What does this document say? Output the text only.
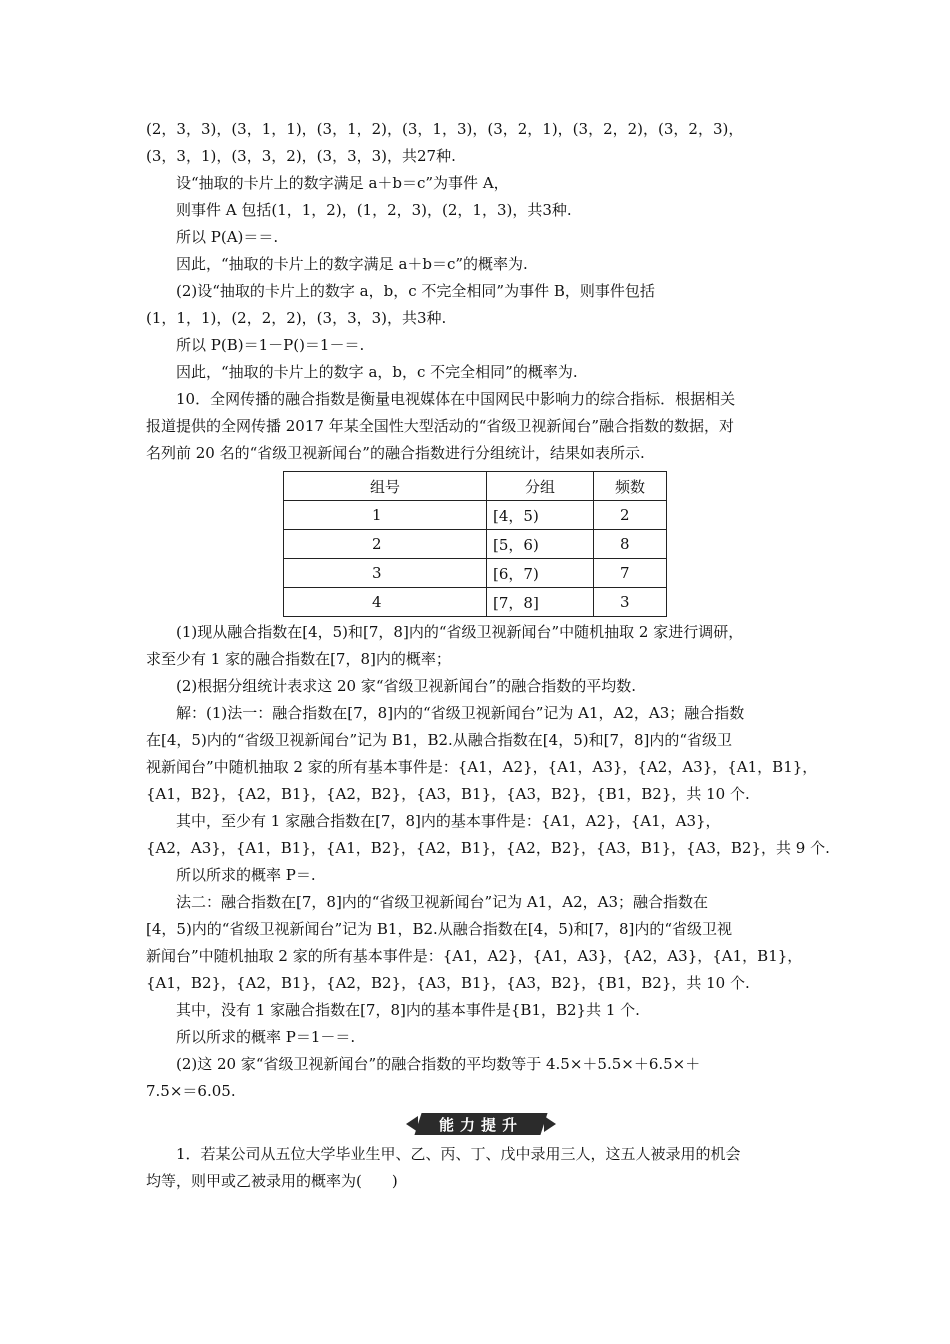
(2，3，3)，(3，1，1)，(3，1，2)，(3，1，3)，(3，2，1)，(3，2，2)，(3，2，3)，

(3，3，1)，(3，3，2)，(3，3，3)，共27种.

设“抽取的卡片上的数字满足 a＋b＝c”为事件 A，

则事件 A 包括(1，1，2)，(1，2，3)，(2，1，3)，共3种.

所以 P(A)＝＝.

因此，“抽取的卡片上的数字满足 a＋b＝c”的概率为.

(2)设“抽取的卡片上的数字 a，b，c 不完全相同”为事件 B，则事件包括

(1，1，1)，(2，2，2)，(3，3，3)，共3种.

所以 P(B)＝1－P()＝1－＝.

因此，“抽取的卡片上的数字 a，b，c 不完全相同”的概率为.

10．全网传播的融合指数是衡量电视媒体在中国网民中影响力的综合指标．根据相关

报道提供的全网传播 2017 年某全国性大型活动的“省级卫视新闻台”融合指数的数据，对

名列前 20 名的“省级卫视新闻台”的融合指数进行分组统计，结果如表所示.

组号	分组	频数
1	[4，5)	2
2	[5，6)	8
3	[6，7)	7
4	[7，8]	3

(1)现从融合指数在[4，5)和[7，8]内的“省级卫视新闻台”中随机抽取 2 家进行调研，

求至少有 1 家的融合指数在[7，8]内的概率；

(2)根据分组统计表求这 20 家“省级卫视新闻台”的融合指数的平均数.

解：(1)法一：融合指数在[7，8]内的“省级卫视新闻台”记为 A1，A2，A3；融合指数

在[4，5)内的“省级卫视新闻台”记为 B1，B2.从融合指数在[4，5)和[7，8]内的“省级卫

视新闻台”中随机抽取 2 家的所有基本事件是：{A1，A2}，{A1，A3}，{A2，A3}，{A1，B1}，

{A1，B2}，{A2，B1}，{A2，B2}，{A3，B1}，{A3，B2}，{B1，B2}，共 10 个.

其中，至少有 1 家融合指数在[7，8]内的基本事件是：{A1，A2}，{A1，A3}，

{A2，A3}，{A1，B1}，{A1，B2}，{A2，B1}，{A2，B2}，{A3，B1}，{A3，B2}，共 9 个.

所以所求的概率 P＝.

法二：融合指数在[7，8]内的“省级卫视新闻台”记为 A1，A2，A3；融合指数在

[4，5)内的“省级卫视新闻台”记为 B1，B2.从融合指数在[4，5)和[7，8]内的“省级卫视

新闻台”中随机抽取 2 家的所有基本事件是：{A1，A2}，{A1，A3}，{A2，A3}，{A1，B1}，

{A1，B2}，{A2，B1}，{A2，B2}，{A3，B1}，{A3，B2}，{B1，B2}，共 10 个.

其中，没有 1 家融合指数在[7，8]内的基本事件是{B1，B2}共 1 个.

所以所求的概率 P＝1－＝.

(2)这 20 家“省级卫视新闻台”的融合指数的平均数等于 4.5×＋5.5×＋6.5×＋

7.5×＝6.05.

能力提升

1．若某公司从五位大学毕业生甲、乙、丙、丁、戊中录用三人，这五人被录用的机会

均等，则甲或乙被录用的概率为(　　)
